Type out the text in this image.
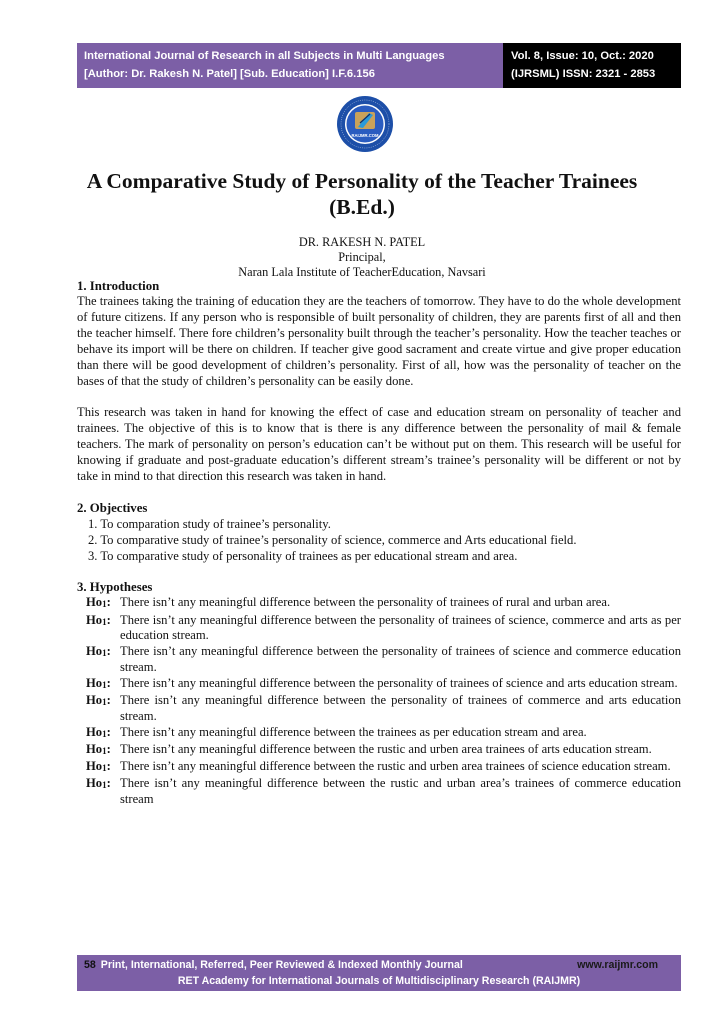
International Journal of Research in all Subjects in Multi Languages
[Author: Dr. Rakesh N. Patel] [Sub. Education] I.F.6.156
Vol. 8, Issue: 10, Oct.: 2020
(IJRSML) ISSN: 2321 - 2853
RAIJMR.COM
A Comparative Study of Personality of the Teacher Trainees
(B.Ed.)
DR. RAKESH N. PATEL
Principal,
Naran Lala Institute of TeacherEducation, Navsari
1. Introduction

The trainees taking the training of education they are the teachers of tomorrow. They have to do the whole development of future citizens. If any person who is responsible of built personality of children, they are parents first of all and then the teacher himself. There fore children’s personality built through the teacher’s personality. How the teacher teaches or behave its import will be there on children. If teacher give good sacrament and create virtue and give proper education than there will be good development of children’s personality. First of all, how was the personality of teacher on the bases of that the study of children’s personality can be easily done.

This research was taken in hand for knowing the effect of case and education stream on personality of teacher and trainees. The objective of this is to know that is there is any difference between the personality of mail & female teachers. The mark of personality on person’s education can’t be without put on them. This research will be useful for knowing if graduate and post-graduate education’s different stream’s trainee’s personality will be different or not by take in mind to that direction this research was taken in hand.

2. Objectives
1. To comparation study of trainee’s personality.
2. To comparative study of trainee’s personality of science, commerce and Arts educational field.
3. To comparative study of personality of trainees as per educational stream and area.
3. Hypotheses
$Ho_1$: There isn’t any meaningful difference between the personality of trainees of rural and urban area.
$Ho_1$: There isn’t any meaningful difference between the personality of trainees of science, commerce and arts as per education stream.
$Ho_1$: There isn’t any meaningful difference between the personality of trainees of science and commerce education stream.
$Ho_1$: There isn’t any meaningful difference between the personality of trainees of science and arts education stream.
$Ho_1$: There isn’t any meaningful difference between the personality of trainees of commerce and arts education stream.
$Ho_1$: There isn’t any meaningful difference between the trainees as per education stream and area.
$Ho_1$: There isn’t any meaningful difference between the rustic and urben area trainees of arts education stream.
$Ho_1$: There isn’t any meaningful difference between the rustic and urben area trainees of science education stream.
$Ho_1$: There isn’t any meaningful difference between the rustic and urban area’s trainees of commerce education stream
58 Print, International, Referred, Peer Reviewed & Indexed Monthly Journal	www.raijmr.com
RET Academy for International Journals of Multidisciplinary Research (RAIJMR)
